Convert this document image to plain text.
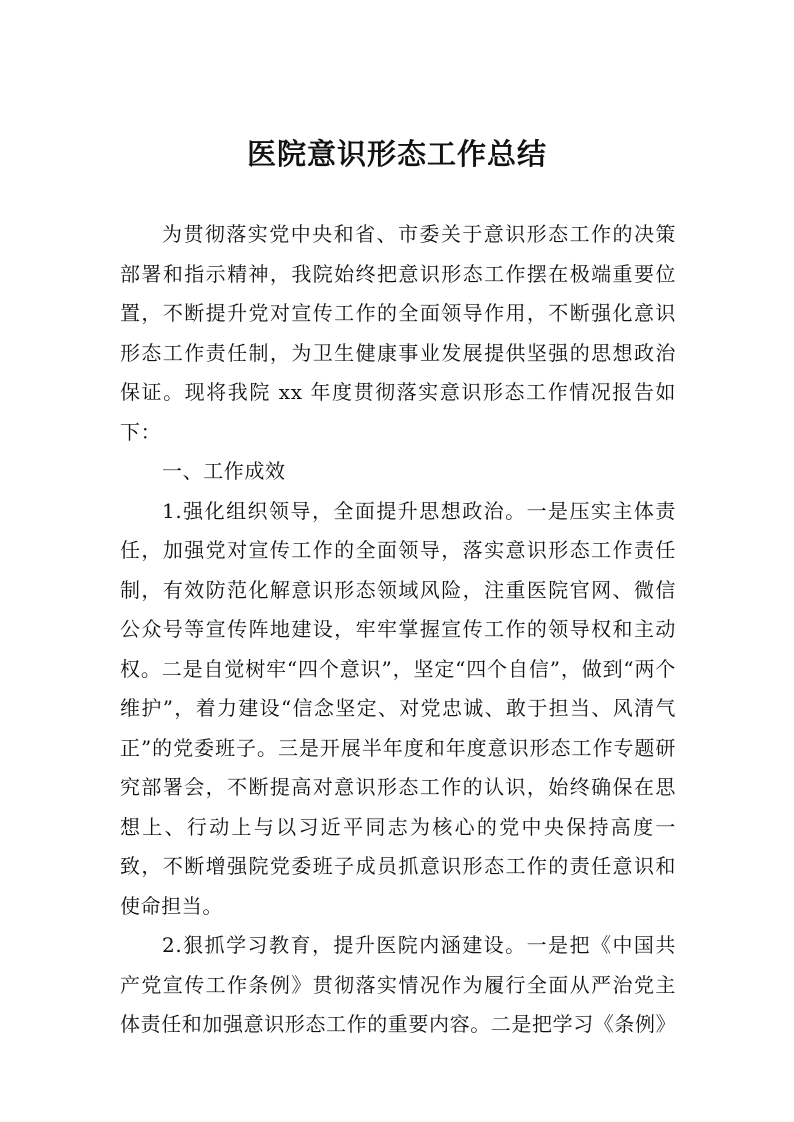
医院意识形态工作总结

为贯彻落实党中央和省、市委关于意识形态工作的决策部署和指示精神，我院始终把意识形态工作摆在极端重要位置，不断提升党对宣传工作的全面领导作用，不断强化意识形态工作责任制，为卫生健康事业发展提供坚强的思想政治保证。现将我院 xx 年度贯彻落实意识形态工作情况报告如下：

一、工作成效

1.强化组织领导，全面提升思想政治。一是压实主体责任，加强党对宣传工作的全面领导，落实意识形态工作责任制，有效防范化解意识形态领域风险，注重医院官网、微信公众号等宣传阵地建设，牢牢掌握宣传工作的领导权和主动权。二是自觉树牢“四个意识”，坚定“四个自信”，做到“两个维护”，着力建设“信念坚定、对党忠诚、敢于担当、风清气正”的党委班子。三是开展半年度和年度意识形态工作专题研究部署会，不断提高对意识形态工作的认识，始终确保在思想上、行动上与以习近平同志为核心的党中央保持高度一致，不断增强院党委班子成员抓意识形态工作的责任意识和使命担当。

2.狠抓学习教育，提升医院内涵建设。一是把《中国共产党宣传工作条例》贯彻落实情况作为履行全面从严治党主体责任和加强意识形态工作的重要内容。二是把学习《条例》
